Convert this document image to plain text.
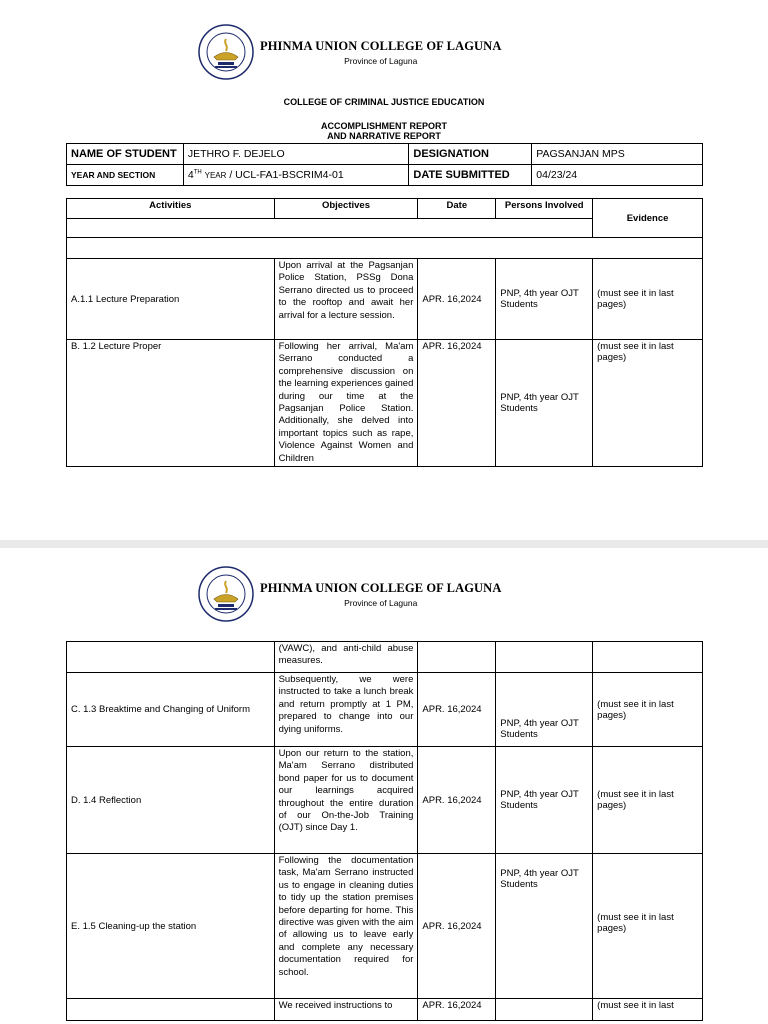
PHINMA UNION COLLEGE OF LAGUNA
Province of Laguna
COLLEGE OF CRIMINAL JUSTICE EDUCATION
ACCOMPLISHMENT REPORT
AND NARRATIVE REPORT
NAME OF STUDENT	JETHRO F. DEJELO	DESIGNATION	PAGSANJAN MPS
YEAR AND SECTION	4TH YEAR / UCL-FA1-BSCRIM4-01	DATE SUBMITTED	04/23/24
Activities	Objectives	Date	Persons Involved	Evidence

A.1.1 Lecture Preparation	Upon arrival at the Pagsanjan Police Station, PSSg Dona Serrano directed us to proceed to the rooftop and await her arrival for a lecture session.	APR. 16,2024	PNP, 4th year OJT Students	(must see it in last pages)
B. 1.2 Lecture Proper	Following her arrival, Ma'am Serrano conducted a comprehensive discussion on the learning experiences gained during our time at the Pagsanjan Police Station. Additionally, she delved into important topics such as rape, Violence Against Women and Children	APR. 16,2024	PNP, 4th year OJT Students	(must see it in last pages)
PHINMA UNION COLLEGE OF LAGUNA
Province of Laguna
	(VAWC), and anti-child abuse measures.			
C. 1.3 Breaktime and Changing of Uniform	Subsequently, we were instructed to take a lunch break and return promptly at 1 PM, prepared to change into our dying uniforms.	APR. 16,2024	PNP, 4th year OJT Students	(must see it in last pages)
D. 1.4 Reflection	Upon our return to the station, Ma'am Serrano distributed bond paper for us to document our learnings acquired throughout the entire duration of our On-the-Job Training (OJT) since Day 1.	APR. 16,2024	PNP, 4th year OJT Students	(must see it in last pages)
E. 1.5 Cleaning-up the station	Following the documentation task, Ma'am Serrano instructed us to engage in cleaning duties to tidy up the station premises before departing for home. This directive was given with the aim of allowing us to leave early and complete any necessary documentation required for school.	APR. 16,2024	PNP, 4th year OJT Students	(must see it in last pages)
	We received instructions to	APR. 16,2024		(must see it in last
